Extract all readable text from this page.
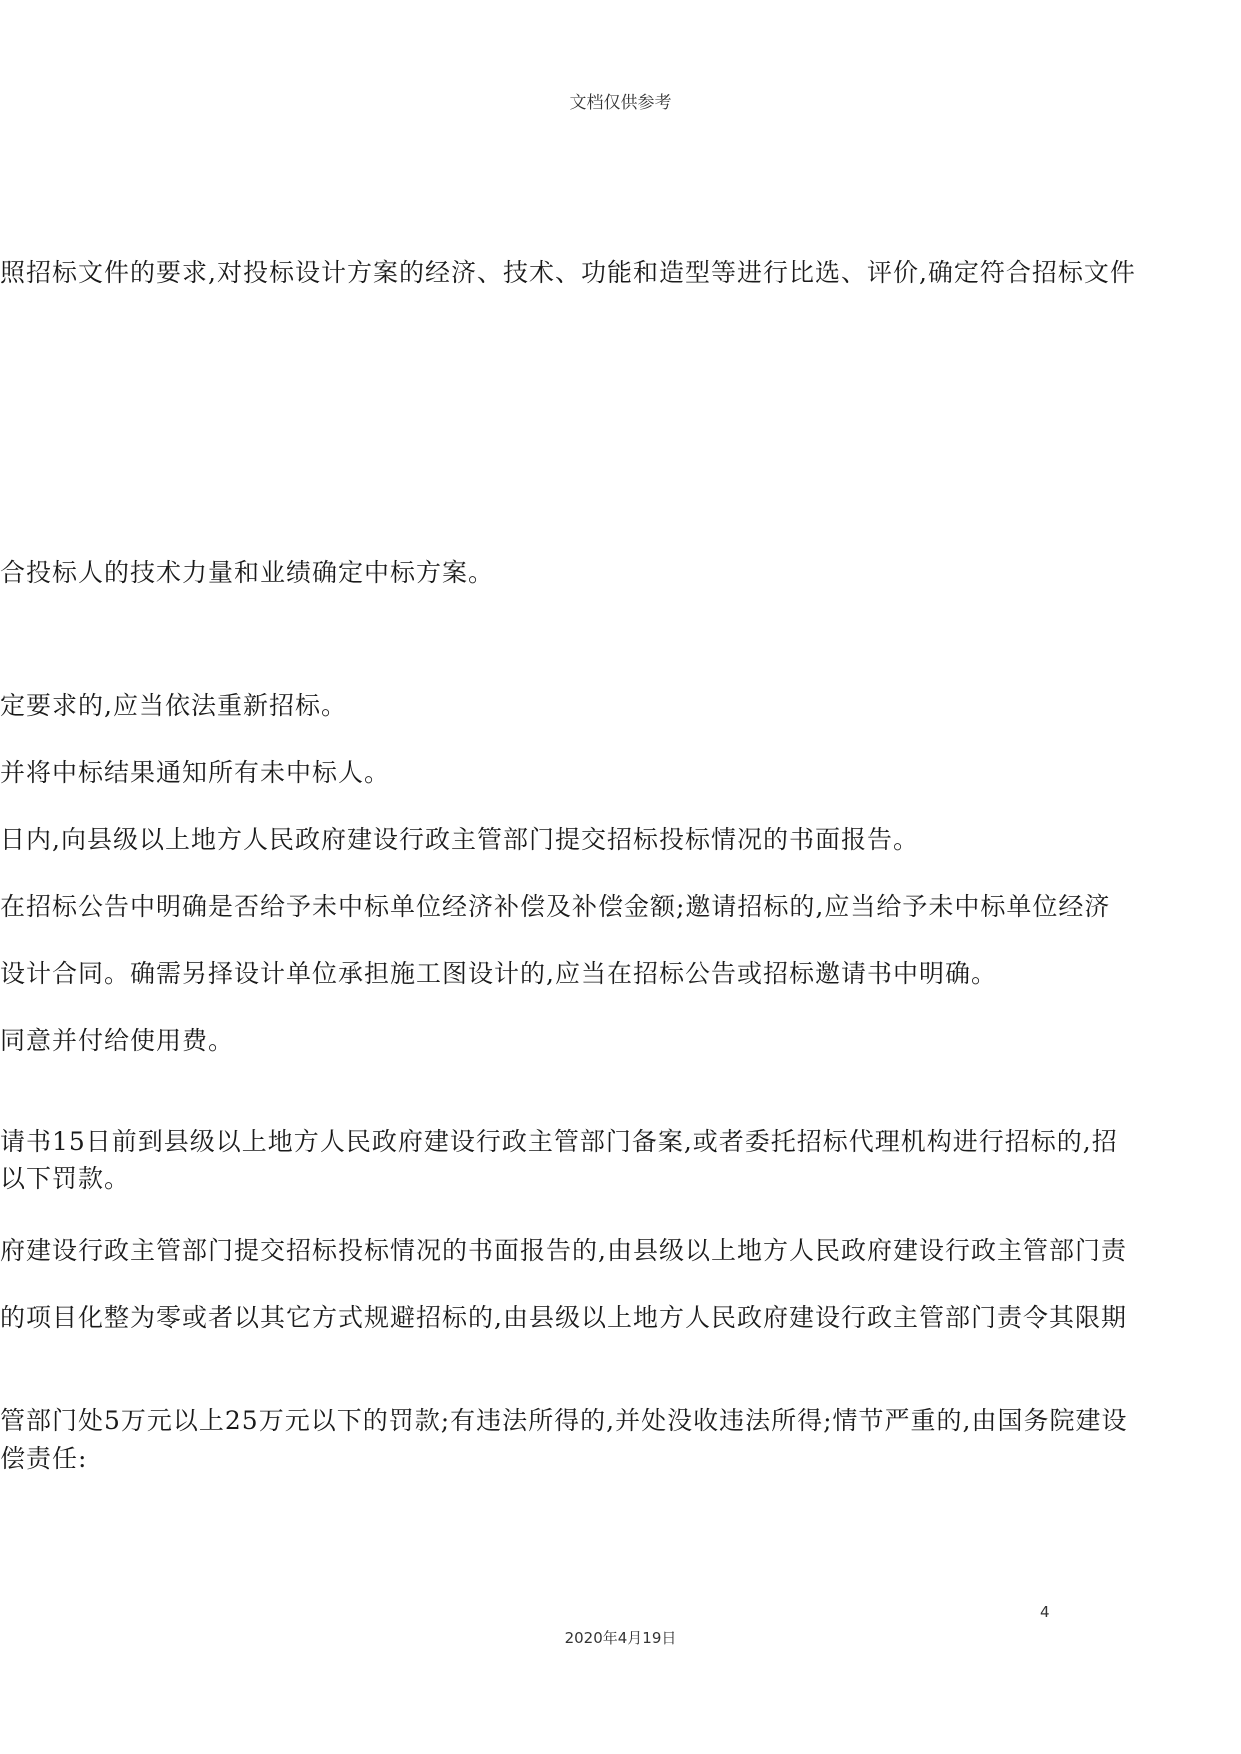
文档仅供参考
照招标文件的要求,对投标设计方案的经济、技术、功能和造型等进行比选、评价,确定符合招标文件
合投标人的技术力量和业绩确定中标方案。
定要求的,应当依法重新招标。
并将中标结果通知所有未中标人。
日内,向县级以上地方人民政府建设行政主管部门提交招标投标情况的书面报告。
在招标公告中明确是否给予未中标单位经济补偿及补偿金额;邀请招标的,应当给予未中标单位经济
设计合同。确需另择设计单位承担施工图设计的,应当在招标公告或招标邀请书中明确。
同意并付给使用费。
请书15日前到县级以上地方人民政府建设行政主管部门备案,或者委托招标代理机构进行招标的,招
以下罚款。
府建设行政主管部门提交招标投标情况的书面报告的,由县级以上地方人民政府建设行政主管部门责
的项目化整为零或者以其它方式规避招标的,由县级以上地方人民政府建设行政主管部门责令其限期
管部门处5万元以上25万元以下的罚款;有违法所得的,并处没收违法所得;情节严重的,由国务院建设
偿责任:
4
2020年4月19日
